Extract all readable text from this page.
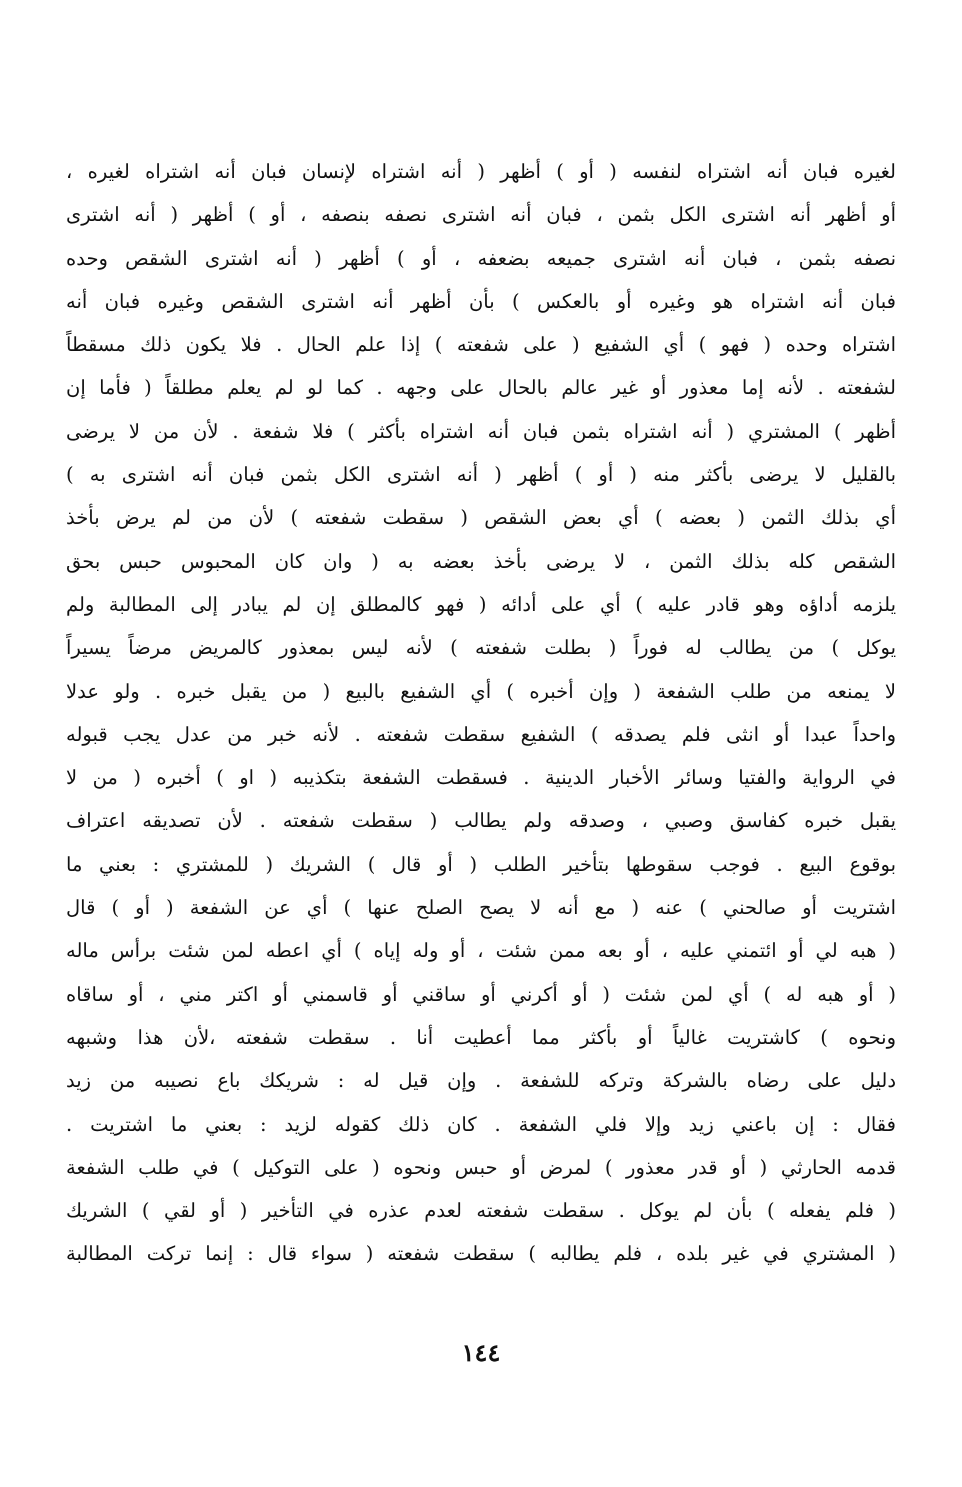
لغيره فبان أنه اشتراه لنفسه ( أو ) أظهر ( أنه اشتراه لإنسان فبان أنه اشتراه لغيره ،
أو أظهر أنه اشترى الكل بثمن ، فبان أنه اشترى نصفه بنصفه ، أو ) أظهر ( أنه اشترى
نصفه بثمن ، فبان أنه اشترى جميعه بضعفه ، أو ) أظهر ( أنه اشترى الشقص وحده
فبان أنه اشتراه هو وغيره أو بالعكس ) بأن أظهر أنه اشترى الشقص وغيره فبان أنه
اشتراه وحده ( فهو ) أي الشفيع ( على شفعته ) إذا علم الحال . فلا يكون ذلك مسقطاً
لشفعته . لأنه إما معذور أو غير عالم بالحال على وجهه . كما لو لم يعلم مطلقاً ( فأما إن
أظهر ) المشتري ( أنه اشتراه بثمن فبان أنه اشتراه بأكثر ) فلا شفعة . لأن من لا يرضى
بالقليل لا يرضى بأكثر منه ( أو ) أظهر ( أنه اشترى الكل بثمن فبان أنه اشترى به )
أي بذلك الثمن ( بعضه ) أي بعض الشقص ( سقطت شفعته ) لأن من لم يرض بأخذ
الشقص كله بذلك الثمن ، لا يرضى بأخذ بعضه به ( وان كان المحبوس حبس بحق
يلزمه أداؤه وهو قادر عليه ) أي على أدائه ( فهو كالمطلق إن لم يبادر إلى المطالبة ولم
يوكل ) من يطالب له فوراً ( بطلت شفعته ) لأنه ليس بمعذور كالمريض مرضاً يسيراً
لا يمنعه من طلب الشفعة ( وإن أخبره ) أي الشفيع بالبيع ( من يقبل خبره . ولو عدلا
واحداً عبدا أو انثى فلم يصدقه ) الشفيع سقطت شفعته . لأنه خبر من عدل يجب قبوله
في الرواية والفتيا وسائر الأخبار الدينية . فسقطت الشفعة بتكذيبه ( او ) أخبره ( من لا
يقبل خبره كفاسق وصبي ، وصدقه ولم يطالب ( سقطت شفعته . لأن تصديقه اعتراف
بوقوع البيع . فوجب سقوطها بتأخير الطلب ( أو قال ) الشريك ( للمشتري : بعني ما
اشتريت أو صالحني ) عنه ( مع أنه لا يصح الصلح عنها ) أي عن الشفعة ( أو ) قال
( هبه لي أو ائتمني عليه ، أو بعه ممن شئت ، أو وله إياه ) أي اعطه لمن شئت برأس ماله
( أو هبه له ) أي لمن شئت ( أو أكرني أو ساقني أو قاسمني أو اكتر مني ، أو ساقاه
ونحوه ) كاشتريت غالياً أو بأكثر مما أعطيت أنا . سقطت شفعته ،لأن هذا وشبهه
دليل على رضاه بالشركة وتركه للشفعة . وإن قيل له : شريكك باع نصيبه من زيد
فقال : إن باعني زيد وإلا فلي الشفعة . كان ذلك كقوله لزيد : بعني ما اشتريت .
قدمه الحارثي ( أو قدر معذور ) لمرض أو حبس ونحوه ( على التوكيل ) في طلب الشفعة
( فلم يفعله ) بأن لم يوكل . سقطت شفعته لعدم عذره في التأخير ( أو لقي ) الشريك
( المشتري في غير بلده ، فلم يطالبه ) سقطت شفعته ( سواء قال : إنما تركت المطالبة
١٤٤
